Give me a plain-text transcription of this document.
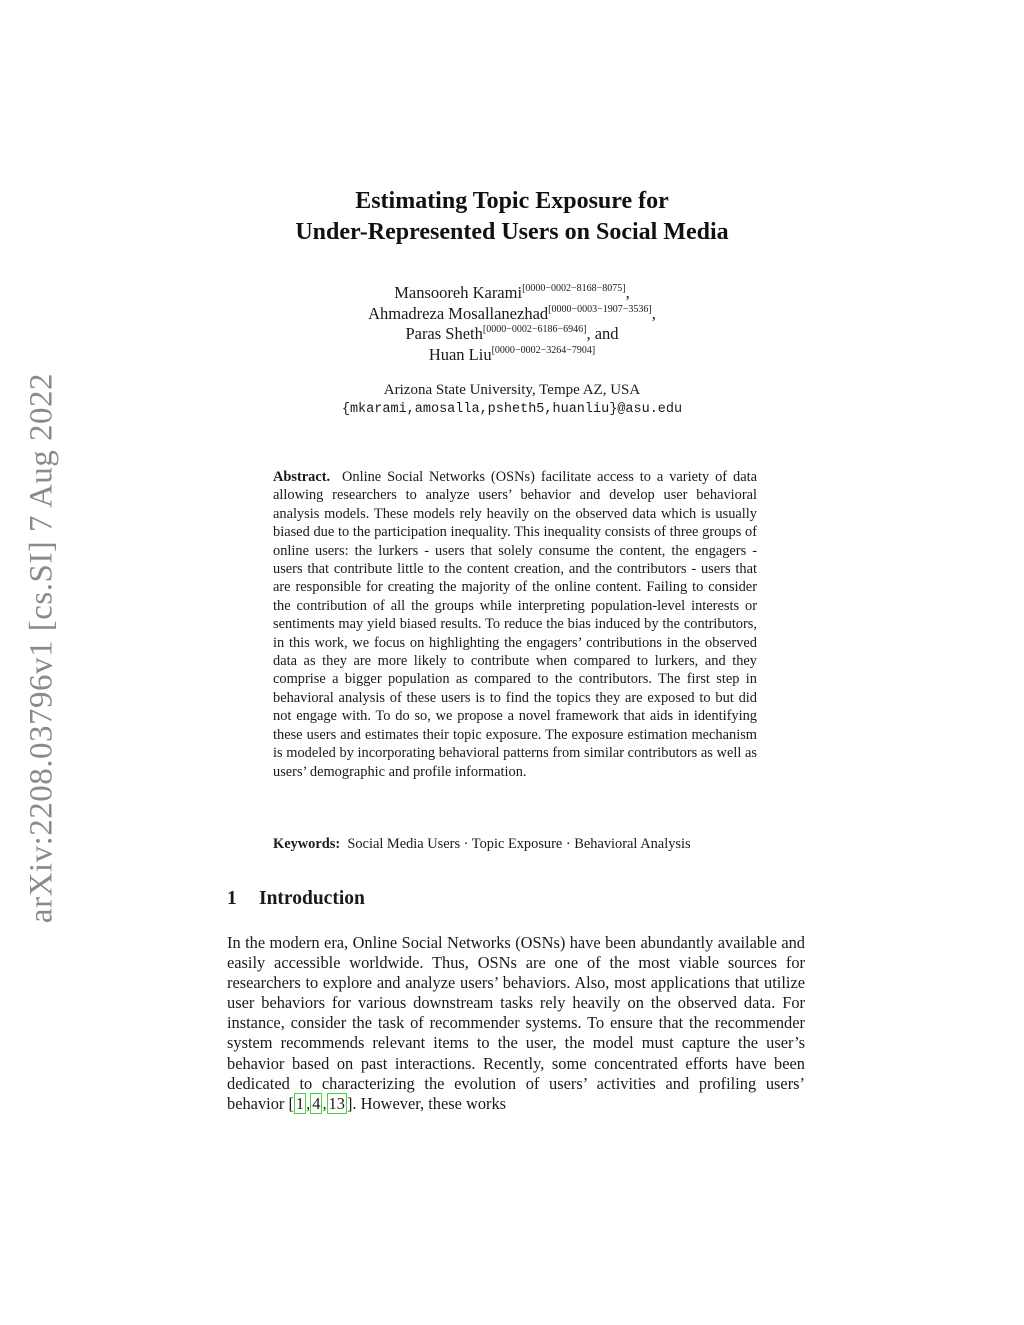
arXiv:2208.03796v1 [cs.SI] 7 Aug 2022
Estimating Topic Exposure for
Under-Represented Users on Social Media
Mansooreh Karami[0000−0002−8168−8075],
Ahmadreza Mosallanezhad[0000−0003−1907−3536],
Paras Sheth[0000−0002−6186−6946], and
Huan Liu[0000−0002−3264−7904]
Arizona State University, Tempe AZ, USA
{mkarami,amosalla,psheth5,huanliu}@asu.edu
Abstract. Online Social Networks (OSNs) facilitate access to a variety of data allowing researchers to analyze users’ behavior and develop user behavioral analysis models. These models rely heavily on the observed data which is usually biased due to the participation inequality. This inequality consists of three groups of online users: the lurkers - users that solely consume the content, the engagers - users that contribute little to the content creation, and the contributors - users that are responsible for creating the majority of the online content. Failing to consider the contribution of all the groups while interpreting population-level interests or sentiments may yield biased results. To reduce the bias induced by the contributors, in this work, we focus on highlighting the engagers’ contributions in the observed data as they are more likely to contribute when compared to lurkers, and they comprise a bigger population as compared to the contributors. The first step in behavioral analysis of these users is to find the topics they are exposed to but did not engage with. To do so, we propose a novel framework that aids in identifying these users and estimates their topic exposure. The exposure estimation mechanism is modeled by incorporating behavioral patterns from similar contributors as well as users’ demographic and profile information.
Keywords: Social Media Users · Topic Exposure · Behavioral Analysis
1 Introduction
In the modern era, Online Social Networks (OSNs) have been abundantly available and easily accessible worldwide. Thus, OSNs are one of the most viable sources for researchers to explore and analyze users’ behaviors. Also, most applications that utilize user behaviors for various downstream tasks rely heavily on the observed data. For instance, consider the task of recommender systems. To ensure that the recommender system recommends relevant items to the user, the model must capture the user’s behavior based on past interactions. Recently, some concentrated efforts have been dedicated to characterizing the evolution of users’ activities and profiling users’ behavior [ 1 , 4 , 13 ]. However, these works
